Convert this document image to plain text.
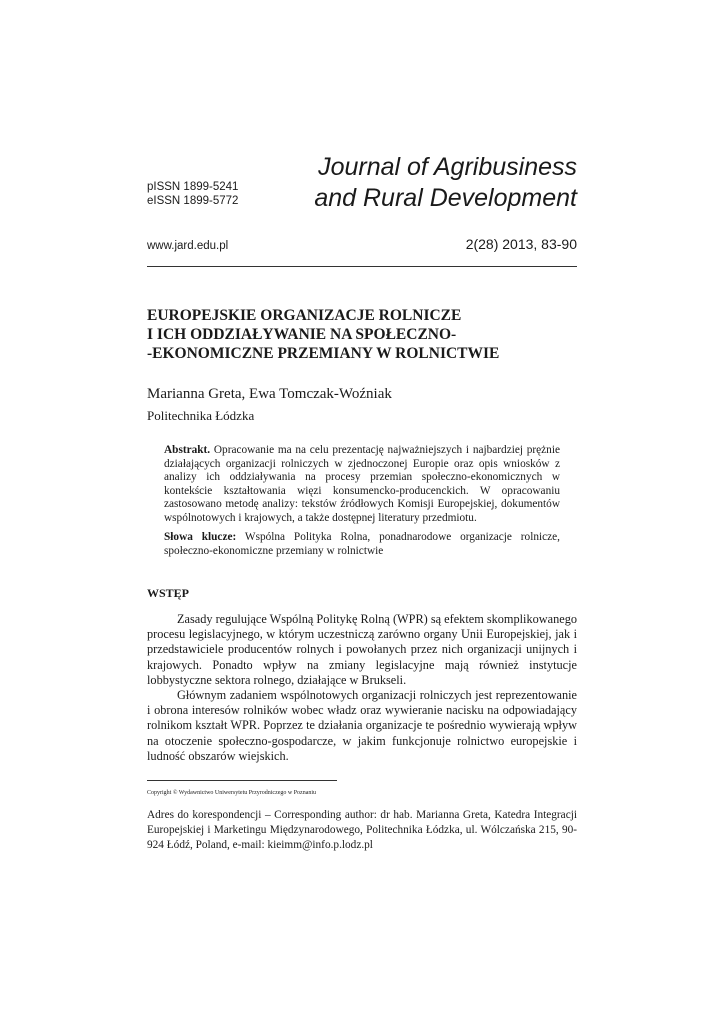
pISSN 1899-5241
eISSN 1899-5772
Journal of Agribusiness
and Rural Development
www.jard.edu.pl	2(28) 2013, 83-90
EUROPEJSKIE ORGANIZACJE ROLNICZE
I ICH ODDZIAŁYWANIE NA SPOŁECZNO-
-EKONOMICZNE PRZEMIANY W ROLNICTWIE
Marianna Greta, Ewa Tomczak-Woźniak
Politechnika Łódzka
Abstrakt. Opracowanie ma na celu prezentację najważniejszych i najbardziej prężnie działających organizacji rolniczych w zjednoczonej Europie oraz opis wniosków z analizy ich oddziaływania na procesy przemian społeczno-ekonomicznych w kontekście kształtowania więzi konsumencko-producenckich. W opracowaniu zastosowano metodę analizy: tekstów źródłowych Komisji Europejskiej, dokumentów wspólnotowych i krajowych, a także dostępnej literatury przedmiotu.
Słowa klucze: Wspólna Polityka Rolna, ponadnarodowe organizacje rolnicze, społeczno-ekonomiczne przemiany w rolnictwie
WSTĘP

Zasady regulujące Wspólną Politykę Rolną (WPR) są efektem skomplikowanego procesu legislacyjnego, w którym uczestniczą zarówno organy Unii Europejskiej, jak i przedstawiciele producentów rolnych i powołanych przez nich organizacji unijnych i krajowych. Ponadto wpływ na zmiany legislacyjne mają również instytucje lobbystyczne sektora rolnego, działające w Brukseli.

Głównym zadaniem wspólnotowych organizacji rolniczych jest reprezentowanie i obrona interesów rolników wobec władz oraz wywieranie nacisku na odpowiadający rolnikom kształt WPR. Poprzez te działania organizacje te pośrednio wywierają wpływ na otoczenie społeczno-gospodarcze, w jakim funkcjonuje rolnictwo europejskie i ludność obszarów wiejskich.

Copyright © Wydawnictwo Uniwersytetu Przyrodniczego w Poznaniu
Adres do korespondencji – Corresponding author: dr hab. Marianna Greta, Katedra Integracji Europejskiej i Marketingu Międzynarodowego, Politechnika Łódzka, ul. Wólczańska 215, 90-924 Łódź, Poland, e-mail: kieimm@info.p.lodz.pl
